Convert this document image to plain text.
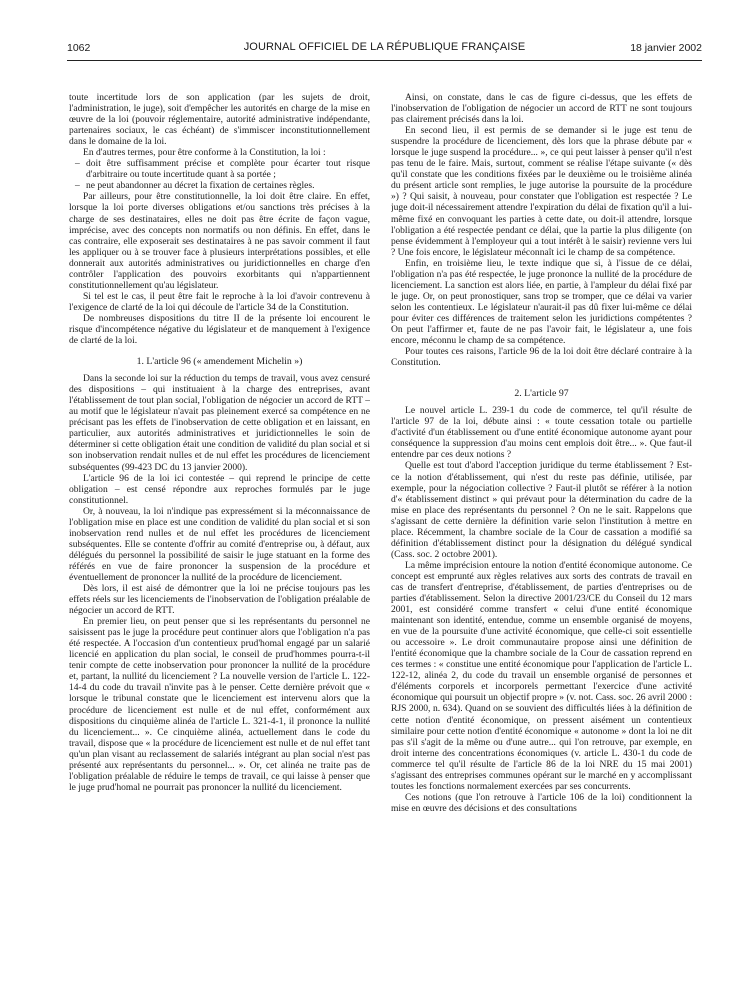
1062	JOURNAL OFFICIEL DE LA RÉPUBLIQUE FRANÇAISE	18 janvier 2002

toute incertitude lors de son application (par les sujets de droit, l'administration, le juge), soit d'empêcher les autorités en charge de la mise en œuvre de la loi (pouvoir réglementaire, autorité administrative indépendante, partenaires sociaux, le cas échéant) de s'immiscer inconstitutionnellement dans le domaine de la loi.

En d'autres termes, pour être conforme à la Constitution, la loi :

– doit être suffisamment précise et complète pour écarter tout risque d'arbitraire ou toute incertitude quant à sa portée ;
– ne peut abandonner au décret la fixation de certaines règles.

Par ailleurs, pour être constitutionnelle, la loi doit être claire. En effet, lorsque la loi porte diverses obligations et/ou sanctions très précises à la charge de ses destinataires, elles ne doit pas être écrite de façon vague, imprécise, avec des concepts non normatifs ou non définis. En effet, dans le cas contraire, elle exposerait ses destinataires à ne pas savoir comment il faut les appliquer ou à se trouver face à plusieurs interprétations possibles, et elle donnerait aux autorités administratives ou juridictionnelles en charge d'en contrôler l'application des pouvoirs exorbitants qui n'appartiennent constitutionnellement qu'au législateur.

Si tel est le cas, il peut être fait le reproche à la loi d'avoir contrevenu à l'exigence de clarté de la loi qui découle de l'article 34 de la Constitution.

De nombreuses dispositions du titre II de la présente loi encourent le risque d'incompétence négative du législateur et de manquement à l'exigence de clarté de la loi.

1. L'article 96 (« amendement Michelin »)

Dans la seconde loi sur la réduction du temps de travail, vous avez censuré des dispositions – qui instituaient à la charge des entreprises, avant l'établissement de tout plan social, l'obligation de négocier un accord de RTT – au motif que le législateur n'avait pas pleinement exercé sa compétence en ne précisant pas les effets de l'inobservation de cette obligation et en laissant, en particulier, aux autorités administratives et juridictionnelles le soin de déterminer si cette obligation était une condition de validité du plan social et si son inobservation rendait nulles et de nul effet les procédures de licenciement subséquentes (99-423 DC du 13 janvier 2000).

L'article 96 de la loi ici contestée – qui reprend le principe de cette obligation – est censé répondre aux reproches formulés par le juge constitutionnel.

Or, à nouveau, la loi n'indique pas expressément si la méconnaissance de l'obligation mise en place est une condition de validité du plan social et si son inobservation rend nulles et de nul effet les procédures de licenciement subséquentes. Elle se contente d'offrir au comité d'entreprise ou, à défaut, aux délégués du personnel la possibilité de saisir le juge statuant en la forme des référés en vue de faire prononcer la suspension de la procédure et éventuellement de prononcer la nullité de la procédure de licenciement.

Dès lors, il est aisé de démontrer que la loi ne précise toujours pas les effets réels sur les licenciements de l'inobservation de l'obligation préalable de négocier un accord de RTT.

En premier lieu, on peut penser que si les représentants du personnel ne saisissent pas le juge la procédure peut continuer alors que l'obligation n'a pas été respectée. A l'occasion d'un contentieux prud'homal engagé par un salarié licencié en application du plan social, le conseil de prud'hommes pourra-t-il tenir compte de cette inobservation pour prononcer la nullité de la procédure et, partant, la nullité du licenciement ? La nouvelle version de l'article L. 122-14-4 du code du travail n'invite pas à le penser. Cette dernière prévoit que « lorsque le tribunal constate que le licenciement est intervenu alors que la procédure de licenciement est nulle et de nul effet, conformément aux dispositions du cinquième alinéa de l'article L. 321-4-1, il prononce la nullité du licenciement... ». Ce cinquième alinéa, actuellement dans le code du travail, dispose que « la procédure de licenciement est nulle et de nul effet tant qu'un plan visant au reclassement de salariés intégrant au plan social n'est pas présenté aux représentants du personnel... ». Or, cet alinéa ne traite pas de l'obligation préalable de réduire le temps de travail, ce qui laisse à penser que le juge prud'homal ne pourrait pas prononcer la nullité du licenciement.

Ainsi, on constate, dans le cas de figure ci-dessus, que les effets de l'inobservation de l'obligation de négocier un accord de RTT ne sont toujours pas clairement précisés dans la loi.

En second lieu, il est permis de se demander si le juge est tenu de suspendre la procédure de licenciement, dès lors que la phrase débute par « lorsque le juge suspend la procédure... », ce qui peut laisser à penser qu'il n'est pas tenu de le faire. Mais, surtout, comment se réalise l'étape suivante (« dès qu'il constate que les conditions fixées par le deuxième ou le troisième alinéa du présent article sont remplies, le juge autorise la poursuite de la procédure ») ? Qui saisit, à nouveau, pour constater que l'obligation est respectée ? Le juge doit-il nécessairement attendre l'expiration du délai de fixation qu'il a lui-même fixé en convoquant les parties à cette date, ou doit-il attendre, lorsque l'obligation a été respectée pendant ce délai, que la partie la plus diligente (on pense évidemment à l'employeur qui a tout intérêt à le saisir) revienne vers lui ? Une fois encore, le législateur méconnaît ici le champ de sa compétence.

Enfin, en troisième lieu, le texte indique que si, à l'issue de ce délai, l'obligation n'a pas été respectée, le juge prononce la nullité de la procédure de licenciement. La sanction est alors liée, en partie, à l'ampleur du délai fixé par le juge. Or, on peut pronostiquer, sans trop se tromper, que ce délai va varier selon les contentieux. Le législateur n'aurait-il pas dû fixer lui-même ce délai pour éviter ces différences de traitement selon les juridictions compétentes ? On peut l'affirmer et, faute de ne pas l'avoir fait, le législateur a, une fois encore, méconnu le champ de sa compétence.

Pour toutes ces raisons, l'article 96 de la loi doit être déclaré contraire à la Constitution.

2. L'article 97

Le nouvel article L. 239-1 du code de commerce, tel qu'il résulte de l'article 97 de la loi, débute ainsi : « toute cessation totale ou partielle d'activité d'un établissement ou d'une entité économique autonome ayant pour conséquence la suppression d'au moins cent emplois doit être... ». Que faut-il entendre par ces deux notions ?

Quelle est tout d'abord l'acception juridique du terme établissement ? Est-ce la notion d'établissement, qui n'est du reste pas définie, utilisée, par exemple, pour la négociation collective ? Faut-il plutôt se référer à la notion d'« établissement distinct » qui prévaut pour la détermination du cadre de la mise en place des représentants du personnel ? On ne le sait. Rappelons que s'agissant de cette dernière la définition varie selon l'institution à mettre en place. Récemment, la chambre sociale de la Cour de cassation a modifié sa définition d'établissement distinct pour la désignation du délégué syndical (Cass. soc. 2 octobre 2001).

La même imprécision entoure la notion d'entité économique autonome. Ce concept est emprunté aux règles relatives aux sorts des contrats de travail en cas de transfert d'entreprise, d'établissement, de parties d'entreprises ou de parties d'établissement. Selon la directive 2001/23/CE du Conseil du 12 mars 2001, est considéré comme transfert « celui d'une entité économique maintenant son identité, entendue, comme un ensemble organisé de moyens, en vue de la poursuite d'une activité économique, que celle-ci soit essentielle ou accessoire ». Le droit communautaire propose ainsi une définition de l'entité économique que la chambre sociale de la Cour de cassation reprend en ces termes : « constitue une entité économique pour l'application de l'article L. 122-12, alinéa 2, du code du travail un ensemble organisé de personnes et d'éléments corporels et incorporels permettant l'exercice d'une activité économique qui poursuit un objectif propre » (v. not. Cass. soc. 26 avril 2000 : RJS 2000, n. 634). Quand on se souvient des difficultés liées à la définition de cette notion d'entité économique, on pressent aisément un contentieux similaire pour cette notion d'entité économique « autonome » dont la loi ne dit pas s'il s'agit de la même ou d'une autre... qui l'on retrouve, par exemple, en droit interne des concentrations économiques (v. article L. 430-1 du code de commerce tel qu'il résulte de l'article 86 de la loi NRE du 15 mai 2001) s'agissant des entreprises communes opérant sur le marché en y accomplissant toutes les fonctions normalement exercées par ses concurrents.

Ces notions (que l'on retrouve à l'article 106 de la loi) conditionnent la mise en œuvre des décisions et des consultations
